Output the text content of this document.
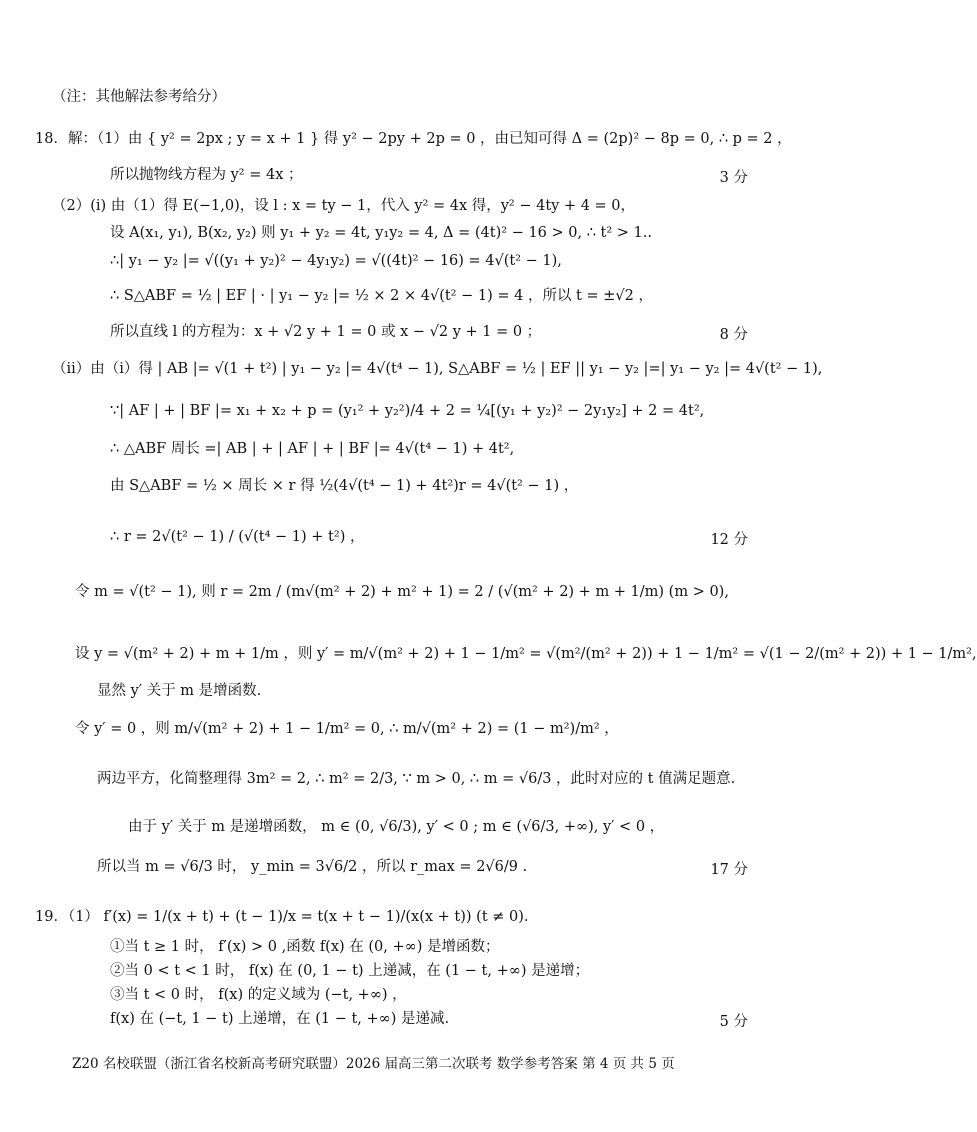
（注：其他解法参考给分）
18．解：（1）由 { y² = 2px ; y = x + 1 } 得 y² − 2py + 2p = 0 ，由已知可得 Δ = (2p)² − 8p = 0, ∴ p = 2 ，
所以抛物线方程为 y² = 4x ；	3 分
（2）(i) 由（1）得 E(−1,0)，设 l : x = ty − 1，代入 y² = 4x 得，y² − 4ty + 4 = 0，
设 A(x₁, y₁), B(x₂, y₂) 则 y₁ + y₂ = 4t, y₁y₂ = 4, Δ = (4t)² − 16 > 0, ∴ t² > 1..
∴| y₁ − y₂ |= √((y₁ + y₂)² − 4y₁y₂) = √((4t)² − 16) = 4√(t² − 1),
∴ S△ABF = ½ | EF | · | y₁ − y₂ |= ½ × 2 × 4√(t² − 1) = 4 ，所以 t = ±√2 ，
所以直线 l 的方程为：x + √2 y + 1 = 0 或 x − √2 y + 1 = 0 ；	8 分
（ii）由（i）得 | AB |= √(1 + t²) | y₁ − y₂ |= 4√(t⁴ − 1), S△ABF = ½ | EF || y₁ − y₂ |=| y₁ − y₂ |= 4√(t² − 1),
∵| AF | + | BF |= x₁ + x₂ + p = (y₁² + y₂²)/4 + 2 = ¼[(y₁ + y₂)² − 2y₁y₂] + 2 = 4t²,
∴ △ABF 周长 =| AB | + | AF | + | BF |= 4√(t⁴ − 1) + 4t²,
由 S△ABF = ½ × 周长 × r 得 ½(4√(t⁴ − 1) + 4t²)r = 4√(t² − 1) ，
∴ r = 2√(t² − 1) / (√(t⁴ − 1) + t²) ，	12 分
令 m = √(t² − 1), 则 r = 2m / (m√(m² + 2) + m² + 1) = 2 / (√(m² + 2) + m + 1/m) (m > 0),
设 y = √(m² + 2) + m + 1/m ，则 y′ = m/√(m² + 2) + 1 − 1/m² = √(m²/(m² + 2)) + 1 − 1/m² = √(1 − 2/(m² + 2)) + 1 − 1/m²,
显然 y′ 关于 m 是增函数.
令 y′ = 0 ，则 m/√(m² + 2) + 1 − 1/m² = 0, ∴ m/√(m² + 2) = (1 − m²)/m² ，
两边平方，化简整理得 3m² = 2, ∴ m² = 2/3, ∵ m > 0, ∴ m = √6/3 ，此时对应的 t 值满足题意.
由于 y′ 关于 m 是递增函数， m ∈ (0, √6/3), y′ < 0 ; m ∈ (√6/3, +∞), y′ < 0 ，
所以当 m = √6/3 时， y_min = 3√6/2 ，所以 r_max = 2√6/9 .	17 分
19．（1） f′(x) = 1/(x + t) + (t − 1)/x = t(x + t − 1)/(x(x + t)) (t ≠ 0).
①当 t ≥ 1 时， f′(x) > 0 ,函数 f(x) 在 (0, +∞) 是增函数；
②当 0 < t < 1 时， f(x) 在 (0, 1 − t) 上递减，在 (1 − t, +∞) 是递增；
③当 t < 0 时， f(x) 的定义域为 (−t, +∞) ，
f(x) 在 (−t, 1 − t) 上递增，在 (1 − t, +∞) 是递减.	5 分
Z20 名校联盟（浙江省名校新高考研究联盟）2026 届高三第二次联考 数学参考答案 第 4 页 共 5 页
